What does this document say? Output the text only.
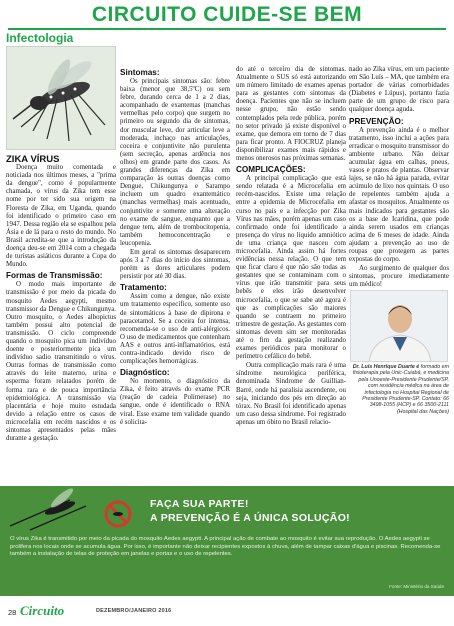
CIRCUITO CUIDE-SE BEM
Infectologia
ZIKA VÍRUS

Doença muito comentada e noticiada nos últimos meses, a "prima da dengue", como é popularmente chamada, o vírus da Zika tem esse nome por ter sido sua origem na Floresta de Zika, em Uganda, quando foi identificado o primeiro caso em 1947. Dessa região ela se espalhou pela Ásia e de lá para o resto do mundo. No Brasil acredita-se que a introdução da doença deu-se em 2014 com a chegada de turistas asiáticos durante a Copa do Mundo.

Formas de Transmissão:

O modo mais importante de transmissão é por meio da picada do mosquito Aedes aegypti, mesmo transmissor da Dengue e Chikungunya. Outro mosquito, o Aedes albopictus também possui alto potencial de transmissão. O ciclo compreende quando o mosquito pica um indivíduo doente e posteriormente pica um indivíduo sadio transmitindo o vírus. Outras formas de transmissão como através do leite materno, urina e esperma foram relatados porém de forma rara e de pouca importância epidemiológica. A transmissão via placentária e hoje muito estudada devido a relação entre os casos de microcefalia em recém nascidos e os sintomas apresentados pelas mães durante a gestação.

Sintomas:

Os principais sintomas são: febre baixa (menor que 38,5ºC) ou sem febre, durando cerca de 1 a 2 dias, acompanhado de exantemas (manchas vermelhas pelo corpo) que surgem no primeiro ou segundo dia de sintomas, dor muscular leve, dor articular leve a moderada, inchaço nas articulações, coceira e conjuntivite não purulenta (sem secreção, apenas ardência nos olhos) em grande parte dos casos. As grandes diferenças da Zika em comparação às outras doenças como Dengue, Chikungunya e Sarampo incluem um quadro exantemático (manchas vermelhas) mais acentuado, conjuntivite e somente uma alteração no exame de sangue, enquanto que a dengue tem, além de trombocitopenia, também hemoconcentração e leucopenia.

Em geral os sintomas desaparecem após 3 a 7 dias do início dos sintomas, porém as dores articulares podem persistir por até 30 dias.

Tratamento:

Assim como a dengue, não existe um tratamento específico, somente uso de sintomáticos à base de dipirona e paracetamol. Se a coceira for intensa, recomenda-se o uso de anti-alérgicos. O uso de medicamentos que contenham AAS e outros anti-inflamatórios, está contra-indicado devido risco de complicações hemorrágicas.

Diagnóstico:

No momento, o diagnóstico da Zika, é feito através do exame PCR (reação de cadeia Polimerase) no sangue, onde é identificado o RNA viral. Esse exame tem validade quando é solicita-

do até o terceiro dia de sintomas. Atualmente o SUS só está autorizando um número limitado de exames apenas para as gestantes com sintomas da doença. Pacientes que não se incluem nesse grupo, não estão sendo contemplados pela rede pública, porém no setor privado já existe disponível o exame, que demora em torno de 7 dias para ficar pronto. A FIOCRUZ planeja disponibilizar exames mais rápidos e menos onerosos nas próximas semanas.

COMPLICAÇÕES:

A principal complicação que está sendo relatada é a Microcefalia em recém-nascidos. Existe uma relação entre a epidemia de Microcefalia em curso no país e a infecção por Zika Vírus nas mães, porém apenas um caso confirmado onde foi identificado a presença do vírus no líquido amniótico de uma criança que nasceu com microcefalia. Ainda assim há fortes evidências nessa relação. O que tem que ficar claro é que não são todas as gestantes que se contaminam com o vírus que irão transmitir para seus bebês e eles irão desenvolver microcefalia, o que se sabe até agora é que as complicações são maiores quando se contraem no primeiro trimestre de gestação. As gestantes com sintomas devem sim ser monitoradas até o fim da gestação realizando exames periódicos para monitorar o perímetro cefálico do bebê.

Outra complicação mais rara é uma síndrome neurológica periférica, denominada Síndrome de Guillian-Barré, onde há paralisia ascendente, ou seja, iniciando dos pés em direção ao tórax. No Brasil foi identificado apenas um caso dessa síndrome. Foi registrado apenas um óbito no Brasil relacio-

nado ao Zika vírus, em um paciente em São Luís – MA, que também era portador de várias comorbidades (Diabetes e Lúpus), portanto fazia parte de um grupo de risco para qualquer doença aguda.

PREVENÇÃO:

A prevenção ainda é o melhor tratamento, isso inclui a ações para erradicar o mosquito transmissor do ambiente urbano. Não deixar acumular água em calhas, pneus, vasos e pratos de plantas. Observar lajes, se não há água parada, evitar acúmulo de lixo nos quintais. O uso de repelentes também ajuda a afastar os mosquitos. Atualmente os mais indicados para gestantes são os a base de Icaridina, que pode ainda serem usados em crianças acima de 6 meses de idade. Ainda ajudam a prevenção ao uso de roupas que protegem as partes expostas do corpo.

Ao surgimento de qualquer dos sintomas, procure imediatamente um médico!

Dr. Luis Henrique Duarte é formado em fisioterapia pela Unic-Cuiabá, e medicina pela Unoeste-Presidente Prudente/SP, com residência médica na área de infectologia no Hospital Regional de Presidente Prudente-SP. Contato: 66 3498-1055 (HCP) e 66 3500-2111 (Hospital das Nações)
FAÇA SUA PARTE!
A PREVENÇÃO É A ÚNICA SOLUÇÃO!
O vírus Zika é transmitido por meio da picada do mosquito Aedes aegypti. A principal ação de combate ao mosquito é evitar sua reprodução. O Aedes aegypti se prolifera nos locais onde se acumula água. Por isso, é importante não deixar recipientes expostos à chuva, além de tampar caixas d'água e piscinas. Recomenda-se também a instalação de telas de proteção em janelas e portas e o uso de repelentes.
Fonte: Ministério da Saúde
28 Circuito	DEZEMBRO/JANEIRO 2016
